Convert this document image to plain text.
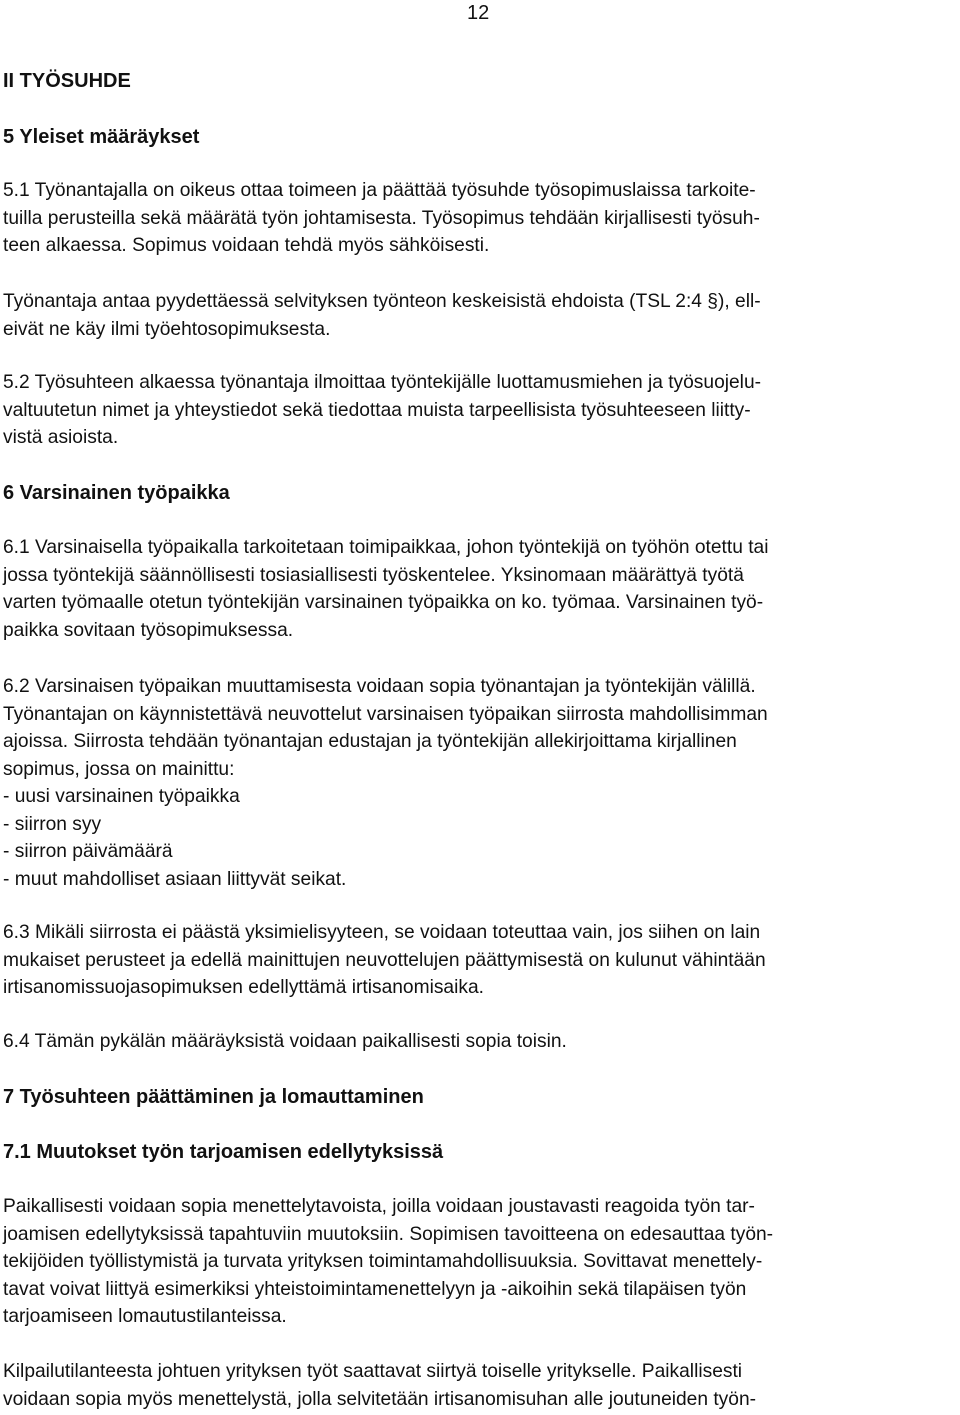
12
II TYÖSUHDE
5 Yleiset määräykset
5.1 Työnantajalla on oikeus ottaa toimeen ja päättää työsuhde työsopimuslaissa tarkoite-
tuilla perusteilla sekä määrätä työn johtamisesta. Työsopimus tehdään kirjallisesti työsuh-
teen alkaessa. Sopimus voidaan tehdä myös sähköisesti.
Työnantaja antaa pyydettäessä selvityksen työnteon keskeisistä ehdoista (TSL 2:4 §), ell-
eivät ne käy ilmi työehtosopimuksesta.
5.2 Työsuhteen alkaessa työnantaja ilmoittaa työntekijälle luottamusmiehen ja työsuojelu-
valtuutetun nimet ja yhteystiedot sekä tiedottaa muista tarpeellisista työsuhteeseen liitty-
vistä asioista.
6 Varsinainen työpaikka
6.1 Varsinaisella työpaikalla tarkoitetaan toimipaikkaa, johon työntekijä on työhön otettu tai
jossa työntekijä säännöllisesti tosiasiallisesti työskentelee. Yksinomaan määrättyä työtä
varten työmaalle otetun työntekijän varsinainen työpaikka on ko. työmaa. Varsinainen työ-
paikka sovitaan työsopimuksessa.
6.2 Varsinaisen työpaikan muuttamisesta voidaan sopia työnantajan ja työntekijän välillä.
Työnantajan on käynnistettävä neuvottelut varsinaisen työpaikan siirrosta mahdollisimman
ajoissa. Siirrosta tehdään työnantajan edustajan ja työntekijän allekirjoittama kirjallinen
sopimus, jossa on mainittu:
- uusi varsinainen työpaikka
- siirron syy
- siirron päivämäärä
- muut mahdolliset asiaan liittyvät seikat.
6.3 Mikäli siirrosta ei päästä yksimielisyyteen, se voidaan toteuttaa vain, jos siihen on lain
mukaiset perusteet ja edellä mainittujen neuvottelujen päättymisestä on kulunut vähintään
irtisanomissuojasopimuksen edellyttämä irtisanomisaika.
6.4 Tämän pykälän määräyksistä voidaan paikallisesti sopia toisin.
7 Työsuhteen päättäminen ja lomauttaminen
7.1 Muutokset työn tarjoamisen edellytyksissä
Paikallisesti voidaan sopia menettelytavoista, joilla voidaan joustavasti reagoida työn tar-
joamisen edellytyksissä tapahtuviin muutoksiin. Sopimisen tavoitteena on edesauttaa työn-
tekijöiden työllistymistä ja turvata yrityksen toimintamahdollisuuksia. Sovittavat menettely-
tavat voivat liittyä esimerkiksi yhteistoimintamenettelyyn ja -aikoihin sekä tilapäisen työn
tarjoamiseen lomautustilanteissa.
Kilpailutilanteesta johtuen yrityksen työt saattavat siirtyä toiselle yritykselle. Paikallisesti
voidaan sopia myös menettelystä, jolla selvitetään irtisanomisuhan alle joutuneiden työn-
